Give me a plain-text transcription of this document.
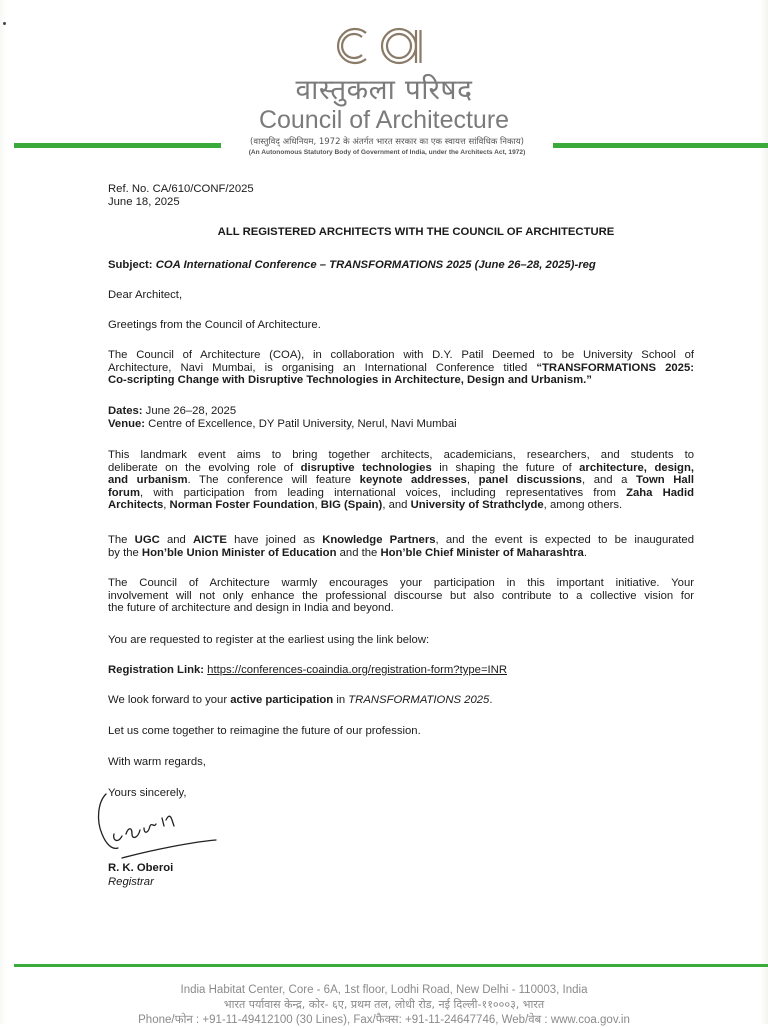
वास्तुकला परिषद
Council of Architecture
(वास्तुविद् अधिनियम, 1972 के अंतर्गत भारत सरकार का एक स्वायत्त सांविधिक निकाय)
(An Autonomous Statutory Body of Government of India, under the Architects Act, 1972)
Ref. No. CA/610/CONF/2025
June 18, 2025
ALL REGISTERED ARCHITECTS WITH THE COUNCIL OF ARCHITECTURE
Subject: COA International Conference – TRANSFORMATIONS 2025 (June 26–28, 2025)-reg
Dear Architect,
Greetings from the Council of Architecture.
The Council of Architecture (COA), in collaboration with D.Y. Patil Deemed to be University School of
Architecture, Navi Mumbai, is organising an International Conference titled “TRANSFORMATIONS 2025:
Co-scripting Change with Disruptive Technologies in Architecture, Design and Urbanism.”
Dates: June 26–28, 2025
Venue: Centre of Excellence, DY Patil University, Nerul, Navi Mumbai
This landmark event aims to bring together architects, academicians, researchers, and students to
deliberate on the evolving role of disruptive technologies in shaping the future of architecture, design,
and urbanism. The conference will feature keynote addresses, panel discussions, and a Town Hall
forum, with participation from leading international voices, including representatives from Zaha Hadid
Architects, Norman Foster Foundation, BIG (Spain), and University of Strathclyde, among others.
The UGC and AICTE have joined as Knowledge Partners, and the event is expected to be inaugurated
by the Hon’ble Union Minister of Education and the Hon’ble Chief Minister of Maharashtra.
The Council of Architecture warmly encourages your participation in this important initiative. Your
involvement will not only enhance the professional discourse but also contribute to a collective vision for
the future of architecture and design in India and beyond.
You are requested to register at the earliest using the link below:
Registration Link: https://conferences-coaindia.org/registration-form?type=INR
We look forward to your active participation in TRANSFORMATIONS 2025.
Let us come together to reimagine the future of our profession.
With warm regards,
Yours sincerely,
R. K. Oberoi
Registrar
India Habitat Center, Core - 6A, 1st floor, Lodhi Road, New Delhi - 110003, India
भारत पर्यावास केन्द्र, कोर- ६ए, प्रथम तल, लोधी रोड, नई दिल्ली-११०००३, भारत
Phone/फोन : +91-11-49412100 (30 Lines), Fax/फैक्स: +91-11-24647746, Web/वेब : www.coa.gov.in
